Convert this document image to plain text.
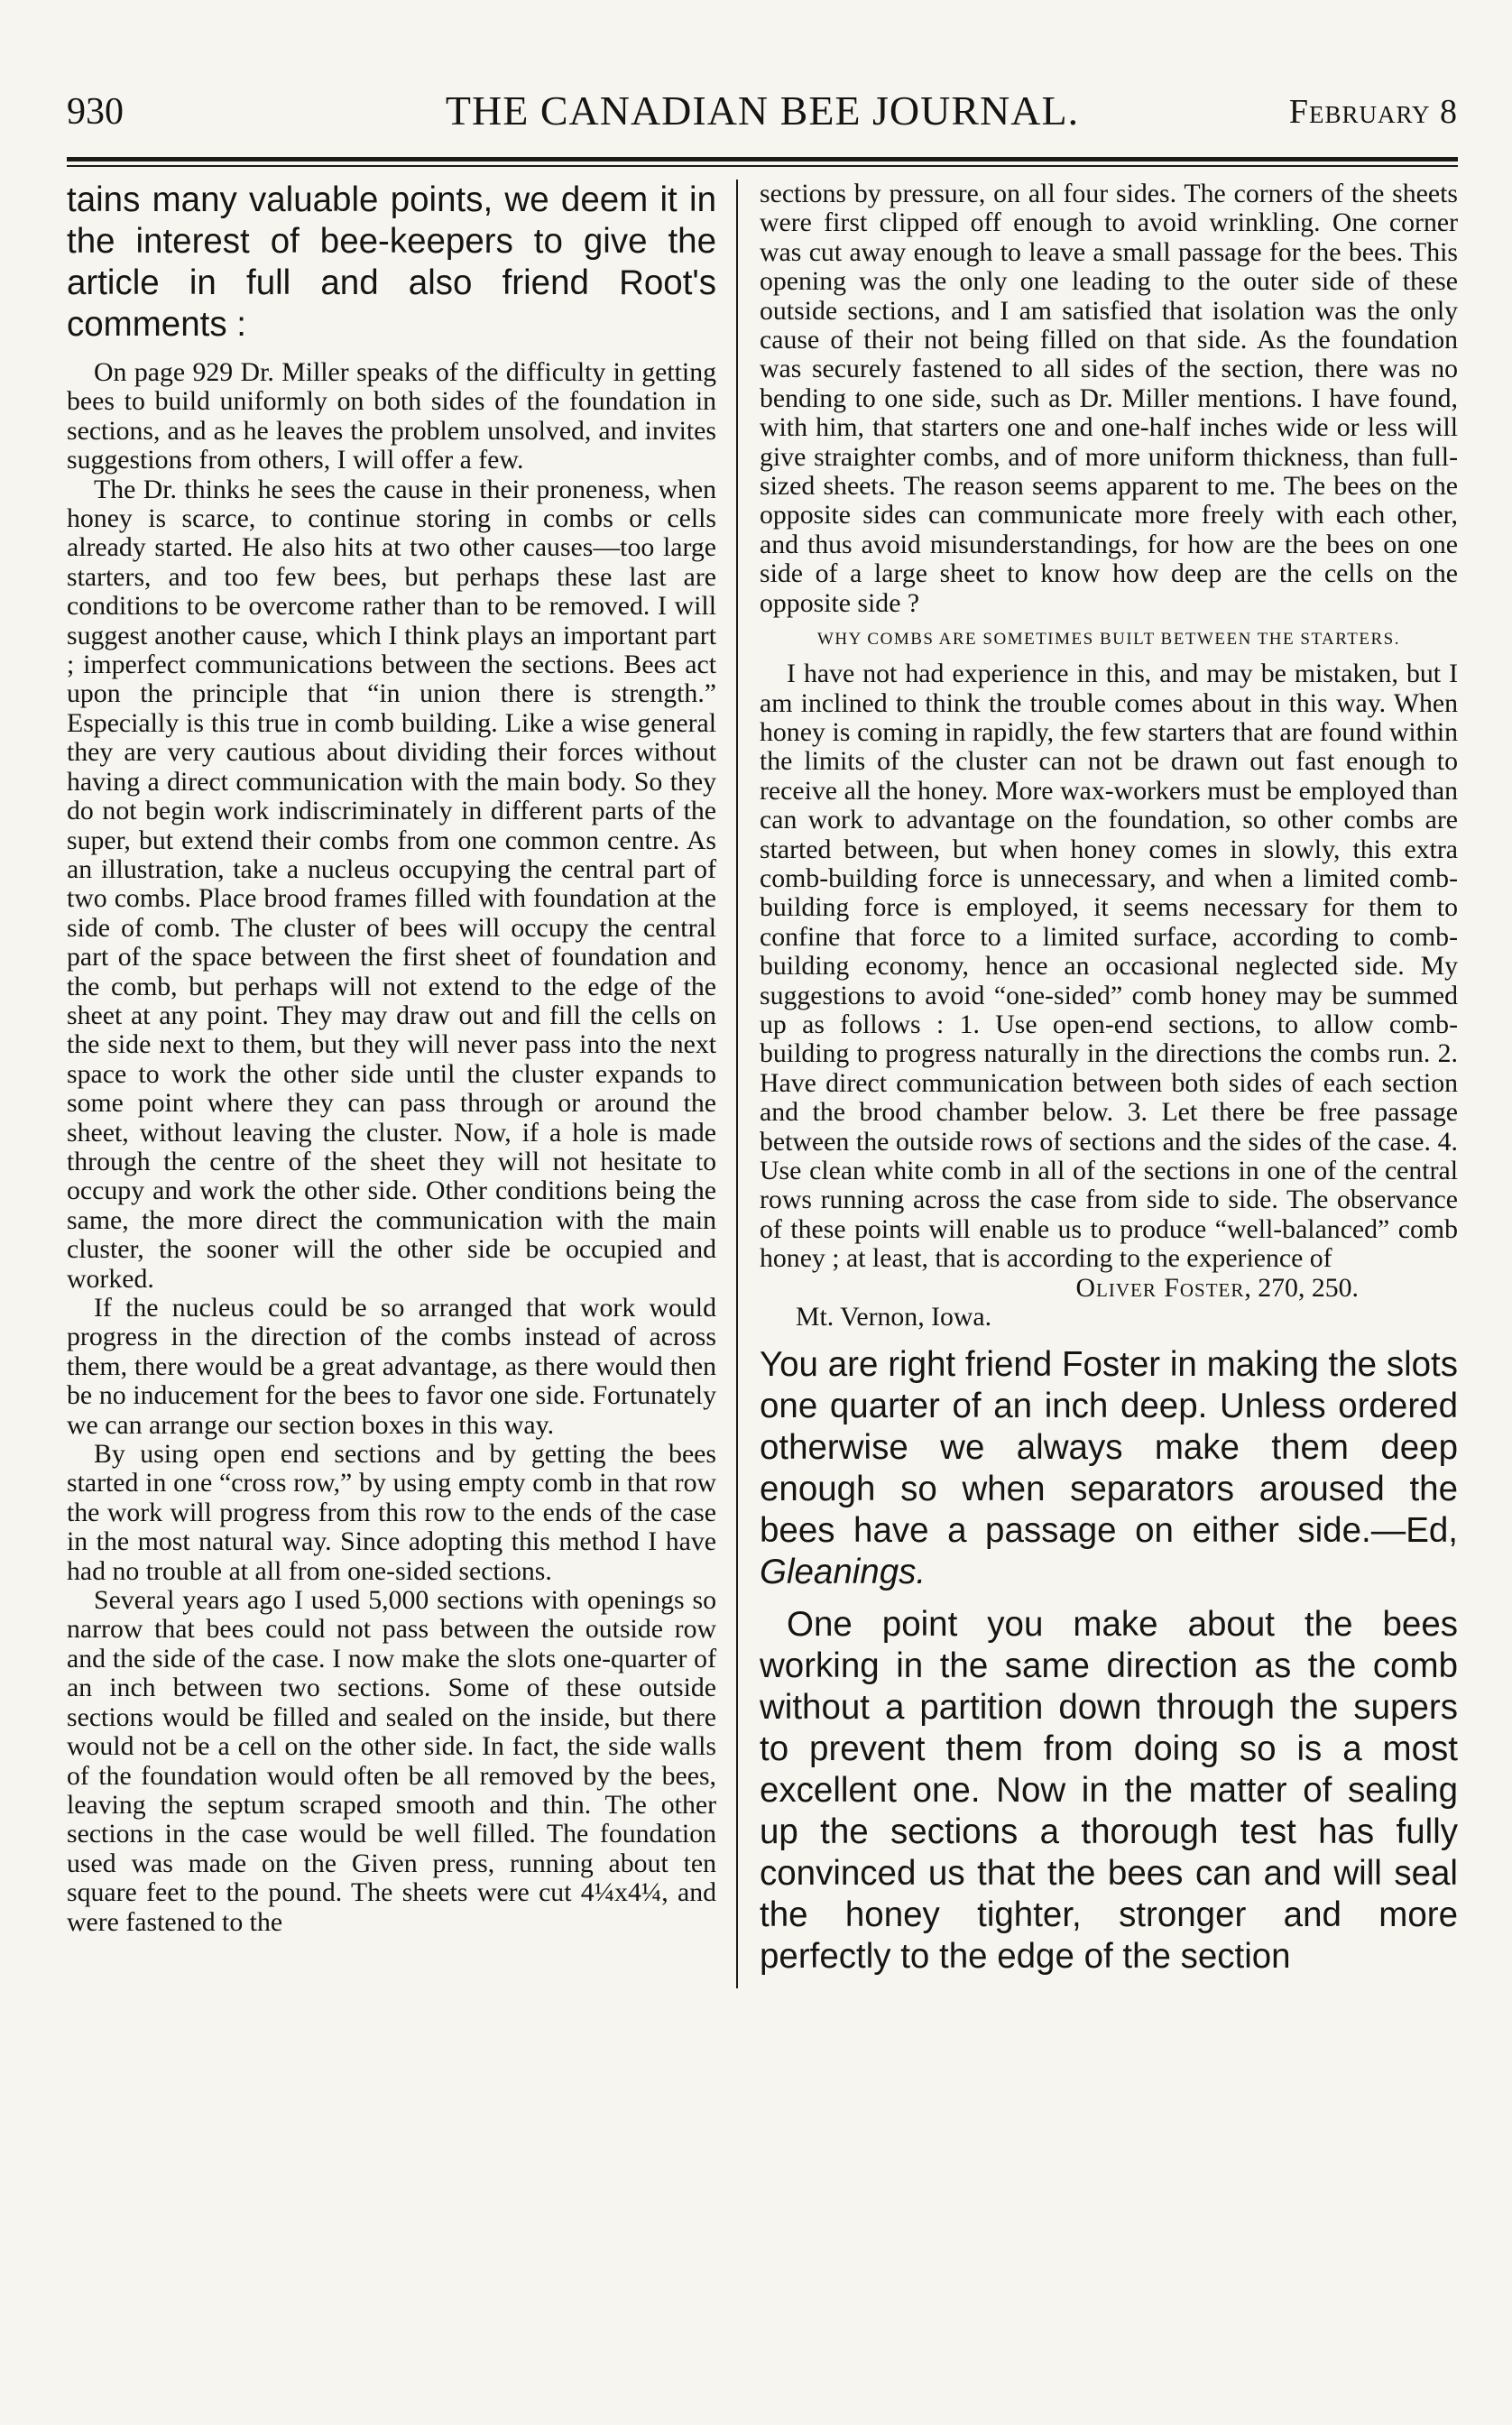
930	THE CANADIAN BEE JOURNAL.	February 8

tains many valuable points, we deem it in the interest of bee-keepers to give the article in full and also friend Root's comments :

On page 929 Dr. Miller speaks of the difficulty in getting bees to build uniformly on both sides of the foundation in sections, and as he leaves the problem unsolved, and invites suggestions from others, I will offer a few.

The Dr. thinks he sees the cause in their proneness, when honey is scarce, to continue storing in combs or cells already started. He also hits at two other causes—too large starters, and too few bees, but perhaps these last are conditions to be overcome rather than to be removed. I will suggest another cause, which I think plays an important part ; imperfect communications between the sections. Bees act upon the principle that “in union there is strength.” Especially is this true in comb building. Like a wise general they are very cautious about dividing their forces without having a direct communication with the main body. So they do not begin work indiscriminately in different parts of the super, but extend their combs from one common centre. As an illustration, take a nucleus occupying the central part of two combs. Place brood frames filled with foundation at the side of comb. The cluster of bees will occupy the central part of the space between the first sheet of foundation and the comb, but perhaps will not extend to the edge of the sheet at any point. They may draw out and fill the cells on the side next to them, but they will never pass into the next space to work the other side until the cluster expands to some point where they can pass through or around the sheet, without leaving the cluster. Now, if a hole is made through the centre of the sheet they will not hesitate to occupy and work the other side. Other conditions being the same, the more direct the communication with the main cluster, the sooner will the other side be occupied and worked.

If the nucleus could be so arranged that work would progress in the direction of the combs instead of across them, there would be a great advantage, as there would then be no inducement for the bees to favor one side. Fortunately we can arrange our section boxes in this way.

By using open end sections and by getting the bees started in one “cross row,” by using empty comb in that row the work will progress from this row to the ends of the case in the most natural way. Since adopting this method I have had no trouble at all from one-sided sections.

Several years ago I used 5,000 sections with openings so narrow that bees could not pass between the outside row and the side of the case. I now make the slots one-quarter of an inch between two sections. Some of these outside sections would be filled and sealed on the inside, but there would not be a cell on the other side. In fact, the side walls of the foundation would often be all removed by the bees, leaving the septum scraped smooth and thin. The other sections in the case would be well filled. The foundation used was made on the Given press, running about ten square feet to the pound. The sheets were cut 4¼x4¼, and were fastened to the

sections by pressure, on all four sides. The corners of the sheets were first clipped off enough to avoid wrinkling. One corner was cut away enough to leave a small passage for the bees. This opening was the only one leading to the outer side of these outside sections, and I am satisfied that isolation was the only cause of their not being filled on that side. As the foundation was securely fastened to all sides of the section, there was no bending to one side, such as Dr. Miller mentions. I have found, with him, that starters one and one-half inches wide or less will give straighter combs, and of more uniform thickness, than full-sized sheets. The reason seems apparent to me. The bees on the opposite sides can communicate more freely with each other, and thus avoid misunderstandings, for how are the bees on one side of a large sheet to know how deep are the cells on the opposite side ?

WHY COMBS ARE SOMETIMES BUILT BETWEEN THE STARTERS.

I have not had experience in this, and may be mistaken, but I am inclined to think the trouble comes about in this way. When honey is coming in rapidly, the few starters that are found within the limits of the cluster can not be drawn out fast enough to receive all the honey. More wax-workers must be employed than can work to advantage on the foundation, so other combs are started between, but when honey comes in slowly, this extra comb-building force is unnecessary, and when a limited comb-building force is employed, it seems necessary for them to confine that force to a limited surface, according to comb-building economy, hence an occasional neglected side. My suggestions to avoid “one-sided” comb honey may be summed up as follows : 1. Use open-end sections, to allow comb-building to progress naturally in the directions the combs run. 2. Have direct communication between both sides of each section and the brood chamber below. 3. Let there be free passage between the outside rows of sections and the sides of the case. 4. Use clean white comb in all of the sections in one of the central rows running across the case from side to side. The observance of these points will enable us to produce “well-balanced” comb honey ; at least, that is according to the experience of

Oliver Foster, 270, 250.

Mt. Vernon, Iowa.

You are right friend Foster in making the slots one quarter of an inch deep. Unless ordered otherwise we always make them deep enough so when separators aroused the bees have a passage on either side.—Ed, Gleanings.

One point you make about the bees working in the same direction as the comb without a partition down through the supers to prevent them from doing so is a most excellent one. Now in the matter of sealing up the sections a thorough test has fully convinced us that the bees can and will seal the honey tighter, stronger and more perfectly to the edge of the section
